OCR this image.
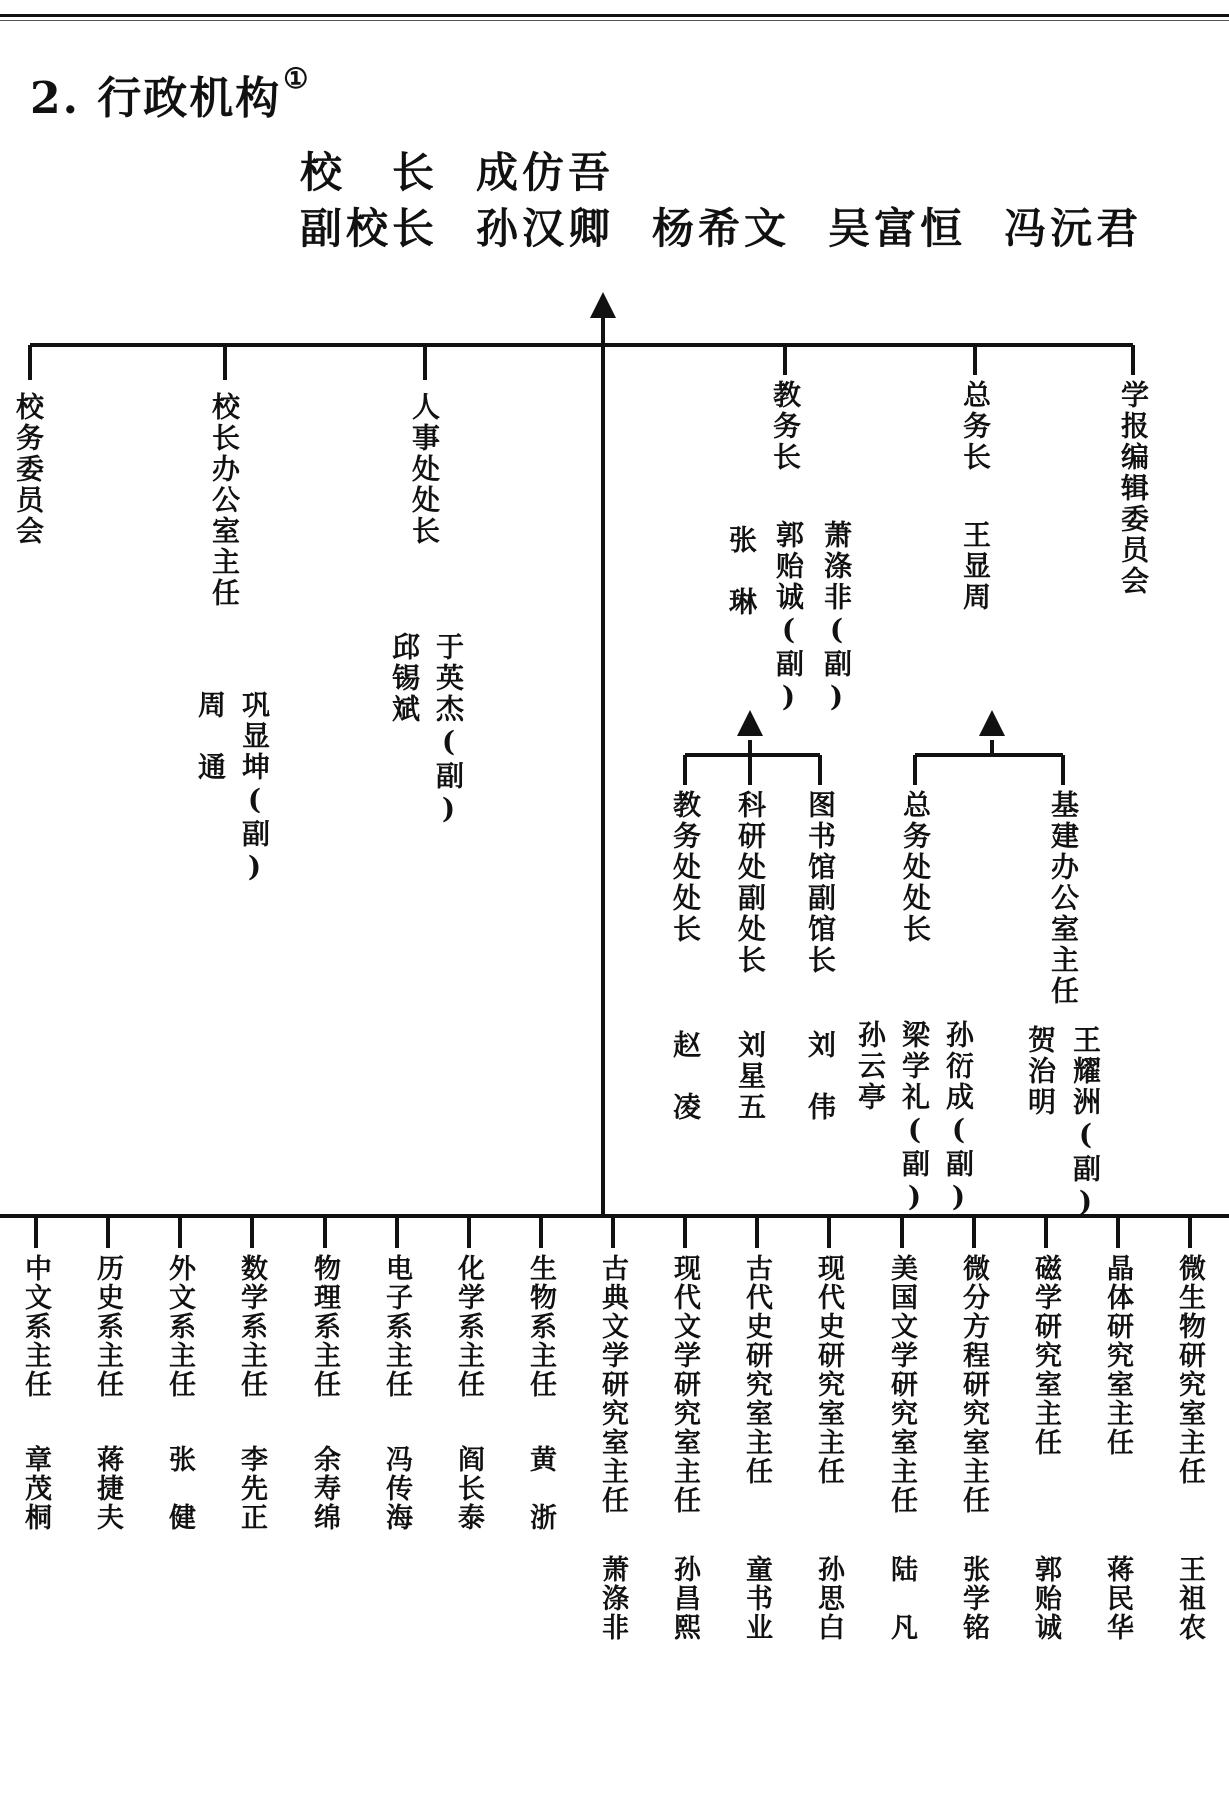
2. 行政机构①
校　长 成仿吾
副校长 孙汉卿 杨希文 吴富恒 冯沅君
校务委员会	校长办公室主任
巩显坤(副)
周　通
人事处处长
于英杰(副)
邱锡斌
教务长
萧涤非(副)
郭贻诚(副)
张　琳
总务长
王显周	学报编辑委员会
教务处处长
赵　凌
科研处副处长
刘星五
图书馆副馆长
刘　伟 孙云亭
总务处处长
孙衍成(副)
梁学礼(副)
基建办公室主任
王耀洲(副)
贺治明
中文系主任
章茂桐
历史系主任
蒋捷夫
外文系主任
张　健
数学系主任
李先正
物理系主任
余寿绵
电子系主任
冯传海
化学系主任
阎长泰
生物系主任
黄　浙 古典文学研究室主任
萧涤非
现代文学研究室主任
孙昌熙
古代史研究室主任
童书业
现代史研究室主任
孙思白
美国文学研究室主任
陆　凡
微分方程研究室主任
张学铭
磁学研究室主任
郭贻诚
晶体研究室主任
蒋民华
微生物研究室主任
王祖农
